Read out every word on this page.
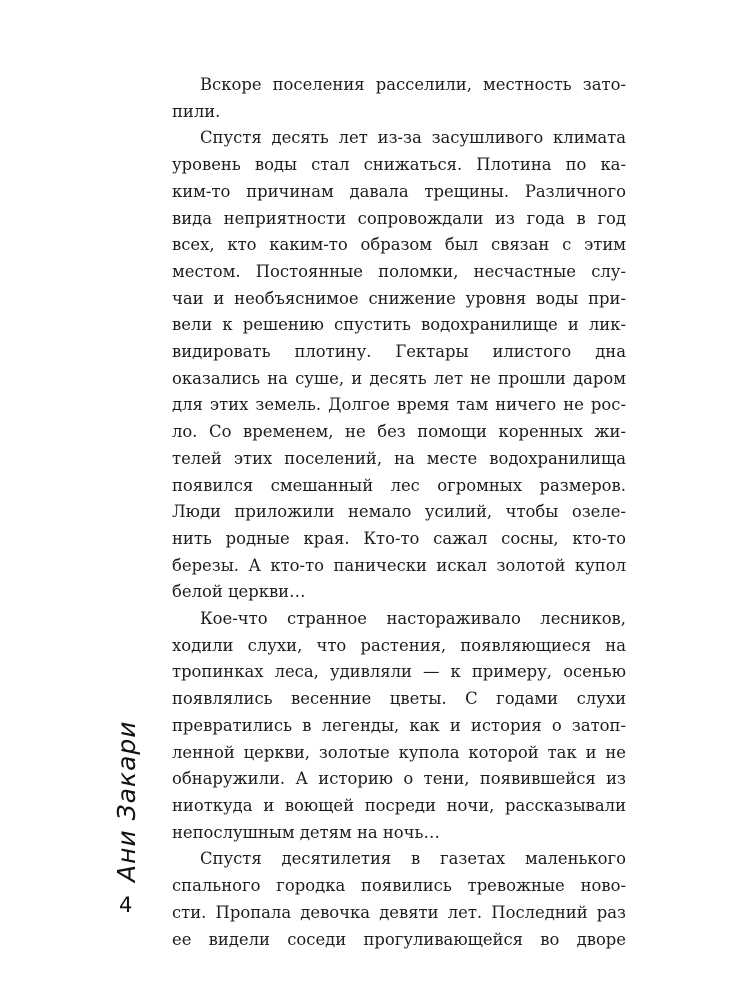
Вскоре поселения расселили, местность зато-
пили.
Спустя десять лет из-за засушливого климата
уровень воды стал снижаться. Плотина по ка-
ким-то причинам давала трещины. Различного
вида неприятности сопровождали из года в год
всех, кто каким-то образом был связан с этим
местом. Постоянные поломки, несчастные слу-
чаи и необъяснимое снижение уровня воды при-
вели к решению спустить водохранилище и лик-
видировать плотину. Гектары илистого дна
оказались на суше, и десять лет не прошли даром
для этих земель. Долгое время там ничего не рос-
ло. Со временем, не без помощи коренных жи-
телей этих поселений, на месте водохранилища
появился смешанный лес огромных размеров.
Люди приложили немало усилий, чтобы озеле-
нить родные края. Кто-то сажал сосны, кто-то
березы. А кто-то панически искал золотой купол
белой церкви…
Кое-что странное настораживало лесников,
ходили слухи, что растения, появляющиеся на
тропинках леса, удивляли — к примеру, осенью
появлялись весенние цветы. С годами слухи
превратились в легенды, как и история о затоп-
ленной церкви, золотые купола которой так и не
обнаружили. А историю о тени, появившейся из
ниоткуда и воющей посреди ночи, рассказывали
непослушным детям на ночь…
Спустя десятилетия в газетах маленького
спального городка появились тревожные ново-
сти. Пропала девочка девяти лет. Последний раз
ее видели соседи прогуливающейся во дворе
Ани Закари
4
